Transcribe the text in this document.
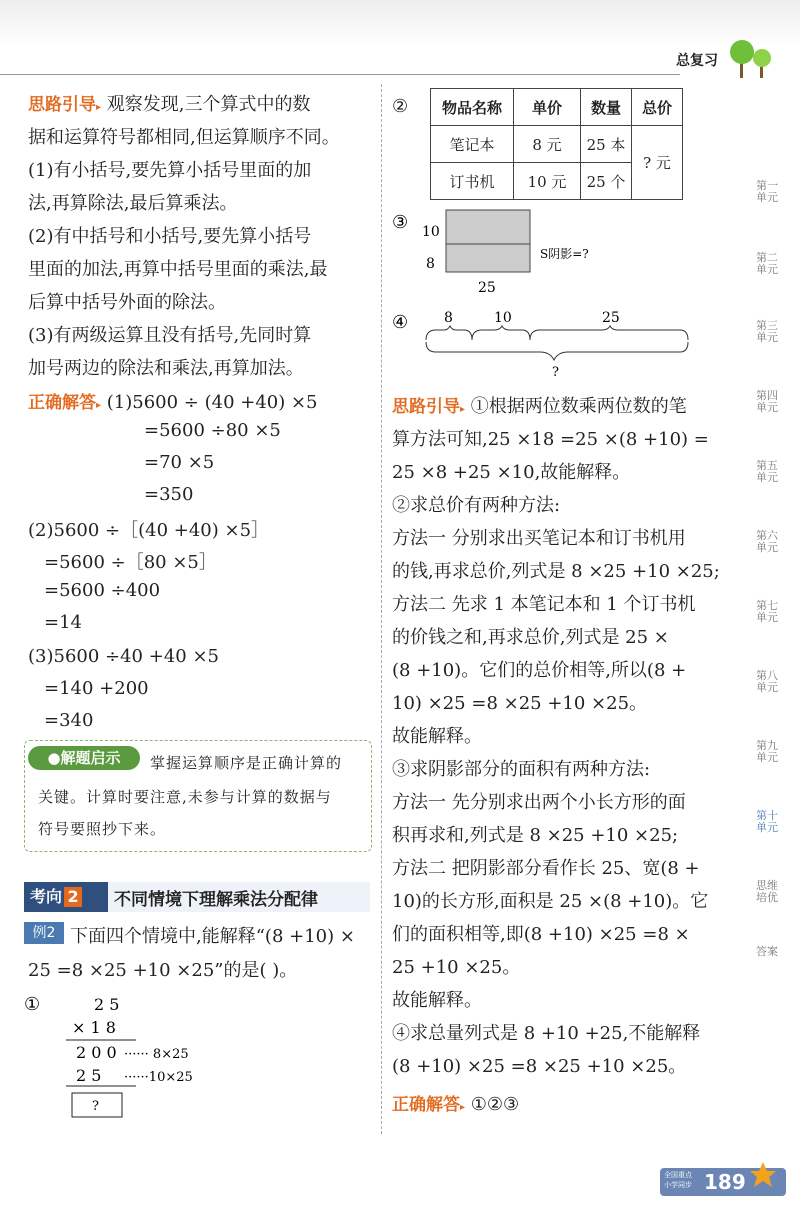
总复习
思路引导▸ 观察发现,三个算式中的数
据和运算符号都相同,但运算顺序不同。
(1)有小括号,要先算小括号里面的加
法,再算除法,最后算乘法。
(2)有中括号和小括号,要先算小括号
里面的加法,再算中括号里面的乘法,最
后算中括号外面的除法。
(3)有两级运算且没有括号,先同时算
加号两边的除法和乘法,再算加法。
正确解答▸ (1)5600 ÷ (40 +40) ×5
=5600 ÷80 ×5
=70 ×5
=350
(2)5600 ÷［(40 +40) ×5］
=5600 ÷［80 ×5］
=5600 ÷400
=14
(3)5600 ÷40 +40 ×5
=140 +200
=340
●解题启示	掌握运算顺序是正确计算的
关键。计算时要注意,未参与计算的数据与
符号要照抄下来。
考向 2	不同情境下理解乘法分配律
例2 下面四个情境中,能解释“(8 +10) ×
25 =8 ×25 +10 ×25”的是( )。
①	2 5
× 1 8
2 0 0 ······ 8×25
2 5 ······10×25
?
② 物品名称	单价	数量	总价
笔记本	8 元	25 本	? 元
订书机	10 元	25 个	
③ 10
8
25
S阴影=?
④	8	10	25
?
思路引导▸ ①根据两位数乘两位数的笔
算方法可知,25 ×18 =25 ×(8 +10) =
25 ×8 +25 ×10,故能解释。
②求总价有两种方法:
方法一 分别求出买笔记本和订书机用
的钱,再求总价,列式是 8 ×25 +10 ×25;
方法二 先求 1 本笔记本和 1 个订书机
的价钱之和,再求总价,列式是 25 ×
(8 +10)。它们的总价相等,所以(8 +
10) ×25 =8 ×25 +10 ×25。
故能解释。
③求阴影部分的面积有两种方法:
方法一 先分别求出两个小长方形的面
积再求和,列式是 8 ×25 +10 ×25;
方法二 把阴影部分看作长 25、宽(8 +
10)的长方形,面积是 25 ×(8 +10)。它
们的面积相等,即(8 +10) ×25 =8 ×
25 +10 ×25。
故能解释。
④求总量列式是 8 +10 +25,不能解释
(8 +10) ×25 =8 ×25 +10 ×25。
正确解答▸ ①②③
第一单元
第二单元
第三单元
第四单元
第五单元
第六单元
第七单元
第八单元
第九单元
第十单元
思维培优
答案
全国重点
小学同步 189
